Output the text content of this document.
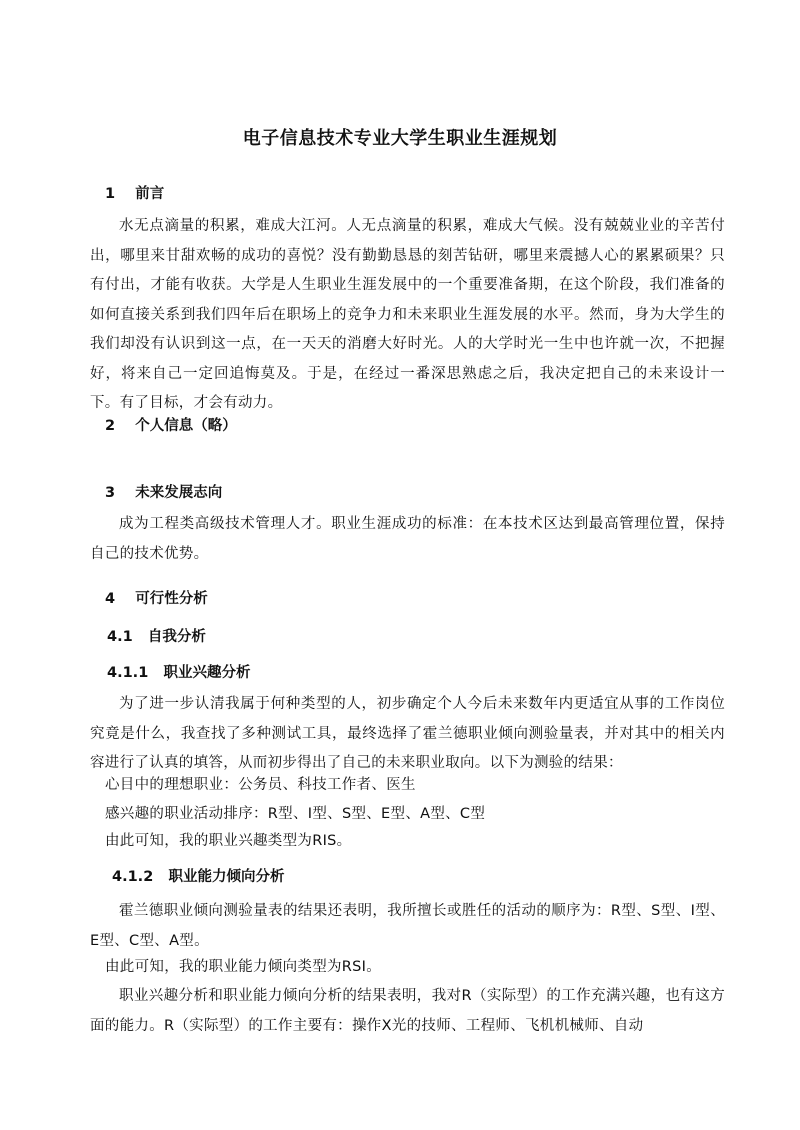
电子信息技术专业大学生职业生涯规划
1 前言
水无点滴量的积累，难成大江河。人无点滴量的积累，难成大气候。没有兢兢业业的辛苦付出，哪里来甘甜欢畅的成功的喜悦？没有勤勤恳恳的刻苦钻研，哪里来震撼人心的累累硕果？只有付出，才能有收获。大学是人生职业生涯发展中的一个重要准备期，在这个阶段，我们准备的如何直接关系到我们四年后在职场上的竞争力和未来职业生涯发展的水平。然而，身为大学生的我们却没有认识到这一点，在一天天的消磨大好时光。人的大学时光一生中也许就一次，不把握好，将来自己一定回追悔莫及。于是，在经过一番深思熟虑之后，我决定把自己的未来设计一下。有了目标，才会有动力。
2 个人信息（略）
3 未来发展志向
成为工程类高级技术管理人才。职业生涯成功的标准：在本技术区达到最高管理位置，保持自己的技术优势。
4 可行性分析
4.1 自我分析
4.1.1 职业兴趣分析
为了进一步认清我属于何种类型的人，初步确定个人今后未来数年内更适宜从事的工作岗位究竟是什么，我查找了多种测试工具，最终选择了霍兰德职业倾向测验量表，并对其中的相关内容进行了认真的填答，从而初步得出了自己的未来职业取向。以下为测验的结果：
心目中的理想职业：公务员、科技工作者、医生
感兴趣的职业活动排序：R型、I型、S型、E型、A型、C型
由此可知，我的职业兴趣类型为RIS。
4.1.2 职业能力倾向分析
霍兰德职业倾向测验量表的结果还表明，我所擅长或胜任的活动的顺序为：R型、S型、I型、E型、C型、A型。
由此可知，我的职业能力倾向类型为RSI。
职业兴趣分析和职业能力倾向分析的结果表明，我对R（实际型）的工作充满兴趣，也有这方面的能力。R（实际型）的工作主要有：操作X光的技师、工程师、飞机机械师、自动
